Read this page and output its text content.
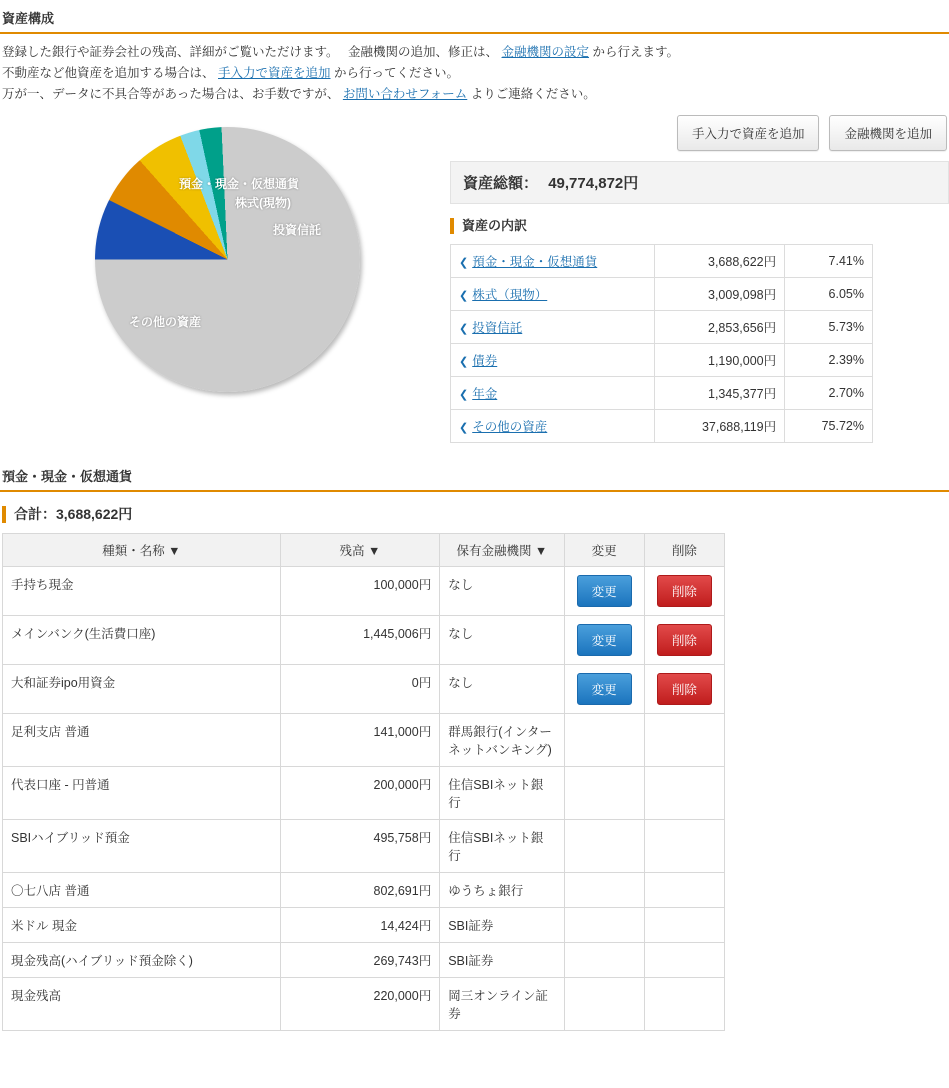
資産構成
登録した銀行や証券会社の残高、詳細がご覧いただけます。 金融機関の追加、修正は、 金融機関の設定 から行えます。
不動産など他資産を追加する場合は、 手入力で資産を追加 から行ってください。
万が一、データに不具合等があった場合は、お手数ですが、 お問い合わせフォーム よりご連絡ください。
預金・現金・仮想通貨
株式(現物)
投資信託
その他の資産
手入力で資産を追加	金融機関を追加
資産総額： 49,774,872円
資産の内訳
❮ 預金・現金・仮想通貨	3,688,622円	7.41%
❮ 株式（現物）	3,009,098円	6.05%
❮ 投資信託	2,853,656円	5.73%
❮ 債券	1,190,000円	2.39%
❮ 年金	1,345,377円	2.70%
❮ その他の資産	37,688,119円	75.72%
預金・現金・仮想通貨
合計：3,688,622円
種類・名称 ▼	残高 ▼	保有金融機関 ▼	変更	削除
手持ち現金	100,000円	なし	変更	削除
メインバンク(生活費口座)	1,445,006円	なし	変更	削除
大和証券ipo用資金	0円	なし	変更	削除
足利支店 普通	141,000円	群馬銀行(インターネットバンキング)		
代表口座 - 円普通	200,000円	住信SBIネット銀行		
SBIハイブリッド預金	495,758円	住信SBIネット銀行		
〇七八店 普通	802,691円	ゆうちょ銀行		
米ドル 現金	14,424円	SBI証券		
現金残高(ハイブリッド預金除く)	269,743円	SBI証券		
現金残高	220,000円	岡三オンライン証券		
